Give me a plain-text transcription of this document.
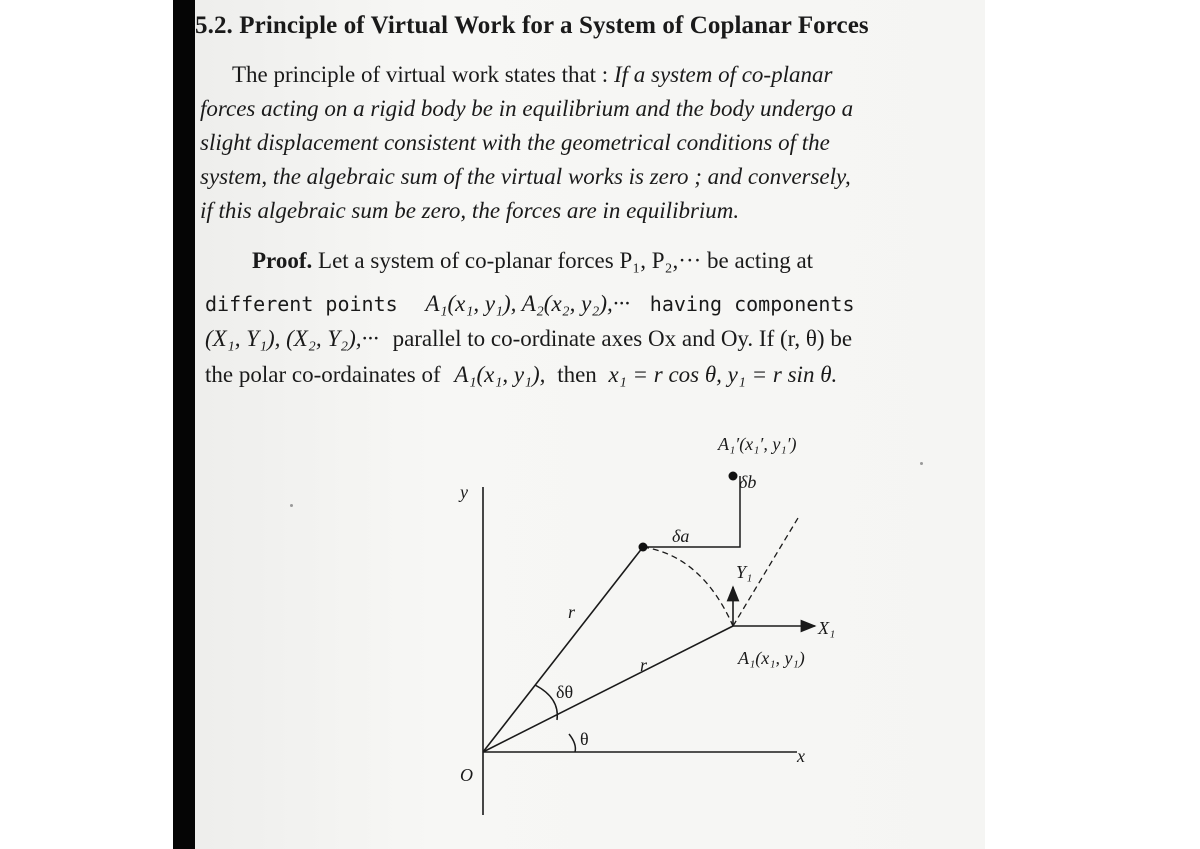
5.2. Principle of Virtual Work for a System of Coplanar Forces
The principle of virtual work states that : If a system of co-planar
forces acting on a rigid body be in equilibrium and the body undergo a
slight displacement consistent with the geometrical conditions of the
system, the algebraic sum of the virtual works is zero ; and conversely,
if this algebraic sum be zero, the forces are in equilibrium.
Proof. Let a system of co-planar forces P₁, P₂,··· be acting at
different points A₁(x₁, y₁), A₂(x₂, y₂),··· having components
(X₁, Y₁), (X₂, Y₂),··· parallel to co-ordinate axes Ox and Oy. If (r, θ) be
the polar co-ordainates of A₁(x₁, y₁), then x₁ = r cos θ, y₁ = r sin θ.
A₁′(x₁′, y₁′)
δb
δa
Y₁
X₁
A₁(x₁, y₁)
r
r
δθ
θ
y
x
O
